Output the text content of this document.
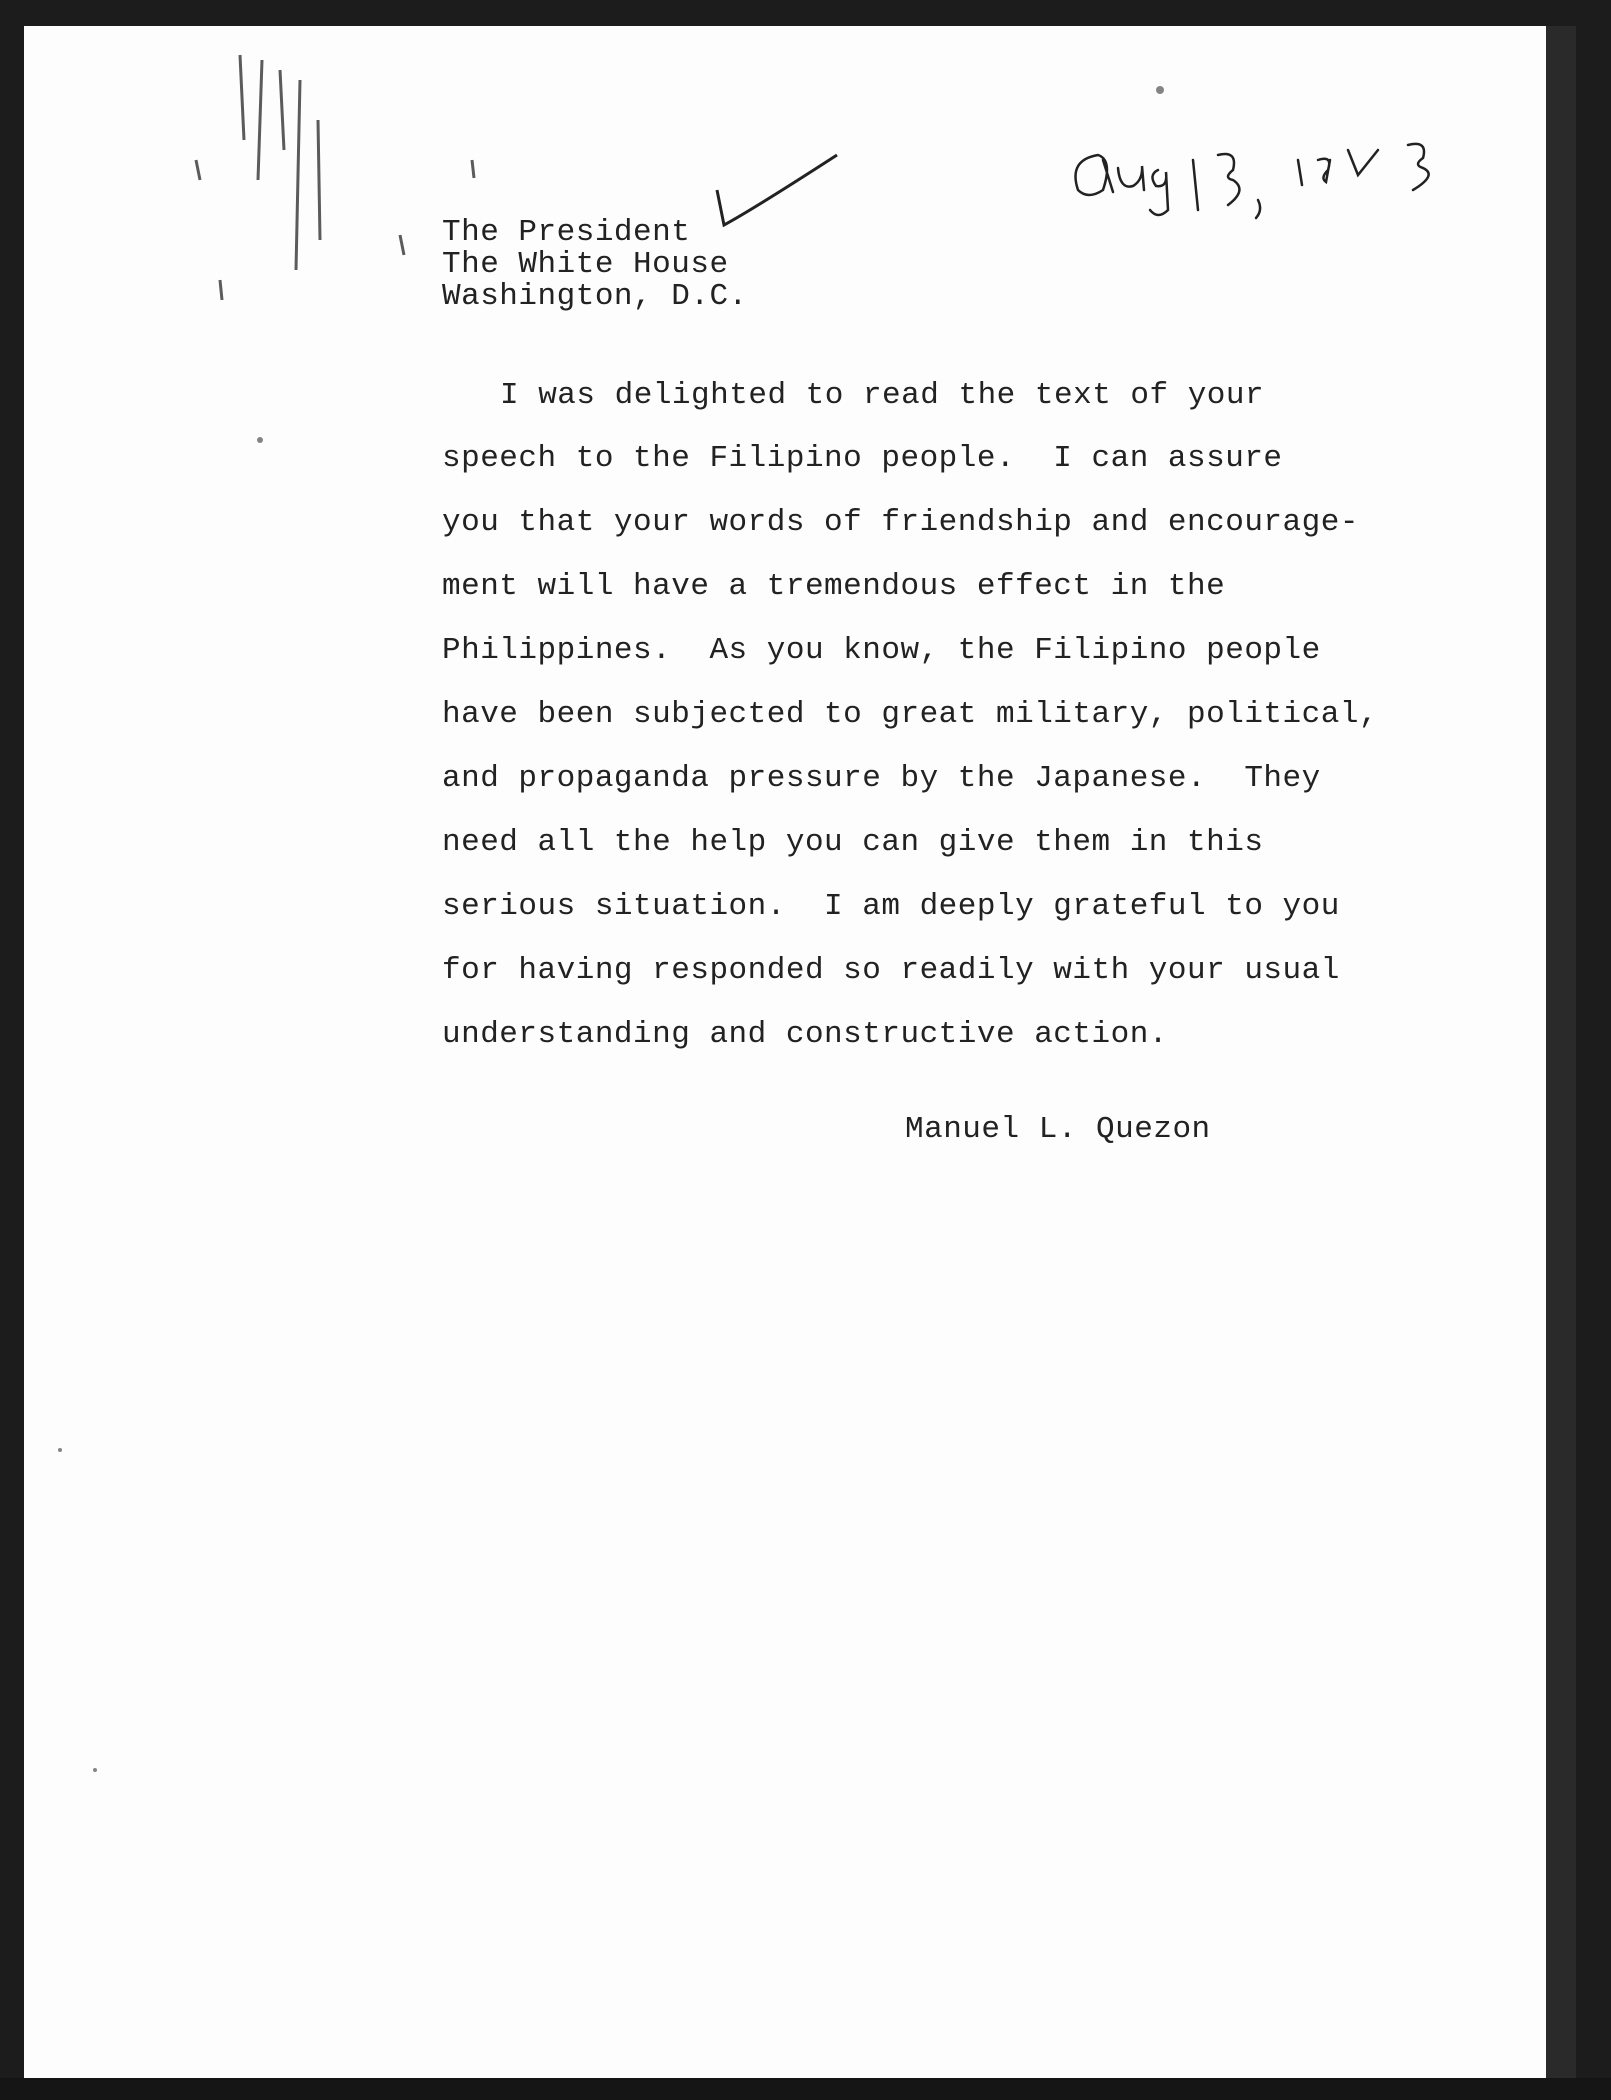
The President
The White House
Washington, D.C.
I was delighted to read the text of your
speech to the Filipino people.  I can assure
you that your words of friendship and encourage-
ment will have a tremendous effect in the
Philippines.  As you know, the Filipino people
have been subjected to great military, political,
and propaganda pressure by the Japanese.  They
need all the help you can give them in this
serious situation.  I am deeply grateful to you
for having responded so readily with your usual
understanding and constructive action.
Manuel L. Quezon
